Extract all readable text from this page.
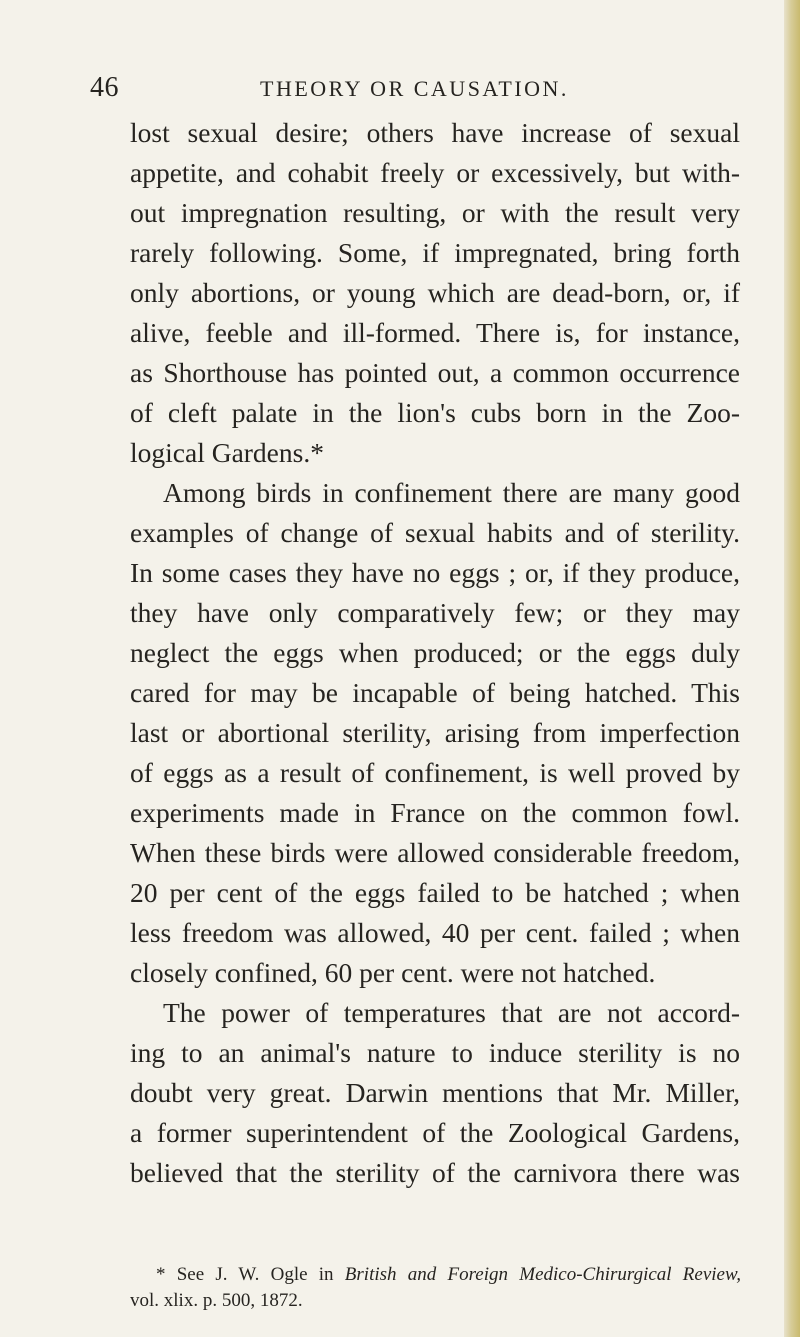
46	THEORY OR CAUSATION.
lost sexual desire; others have increase of sexual
appetite, and cohabit freely or excessively, but with-
out impregnation resulting, or with the result very
rarely following. Some, if impregnated, bring forth
only abortions, or young which are dead-born, or, if
alive, feeble and ill-formed. There is, for instance,
as Shorthouse has pointed out, a common occurrence
of cleft palate in the lion's cubs born in the Zoo-
logical Gardens.*
Among birds in confinement there are many good
examples of change of sexual habits and of sterility.
In some cases they have no eggs ; or, if they produce,
they have only comparatively few; or they may
neglect the eggs when produced; or the eggs duly
cared for may be incapable of being hatched. This
last or abortional sterility, arising from imperfection
of eggs as a result of confinement, is well proved by
experiments made in France on the common fowl.
When these birds were allowed considerable freedom,
20 per cent of the eggs failed to be hatched ; when
less freedom was allowed, 40 per cent. failed ; when
closely confined, 60 per cent. were not hatched.
The power of temperatures that are not accord-
ing to an animal's nature to induce sterility is no
doubt very great. Darwin mentions that Mr. Miller,
a former superintendent of the Zoological Gardens,
believed that the sterility of the carnivora there was
* See J. W. Ogle in British and Foreign Medico-Chirurgical Review,
vol. xlix. p. 500, 1872.
